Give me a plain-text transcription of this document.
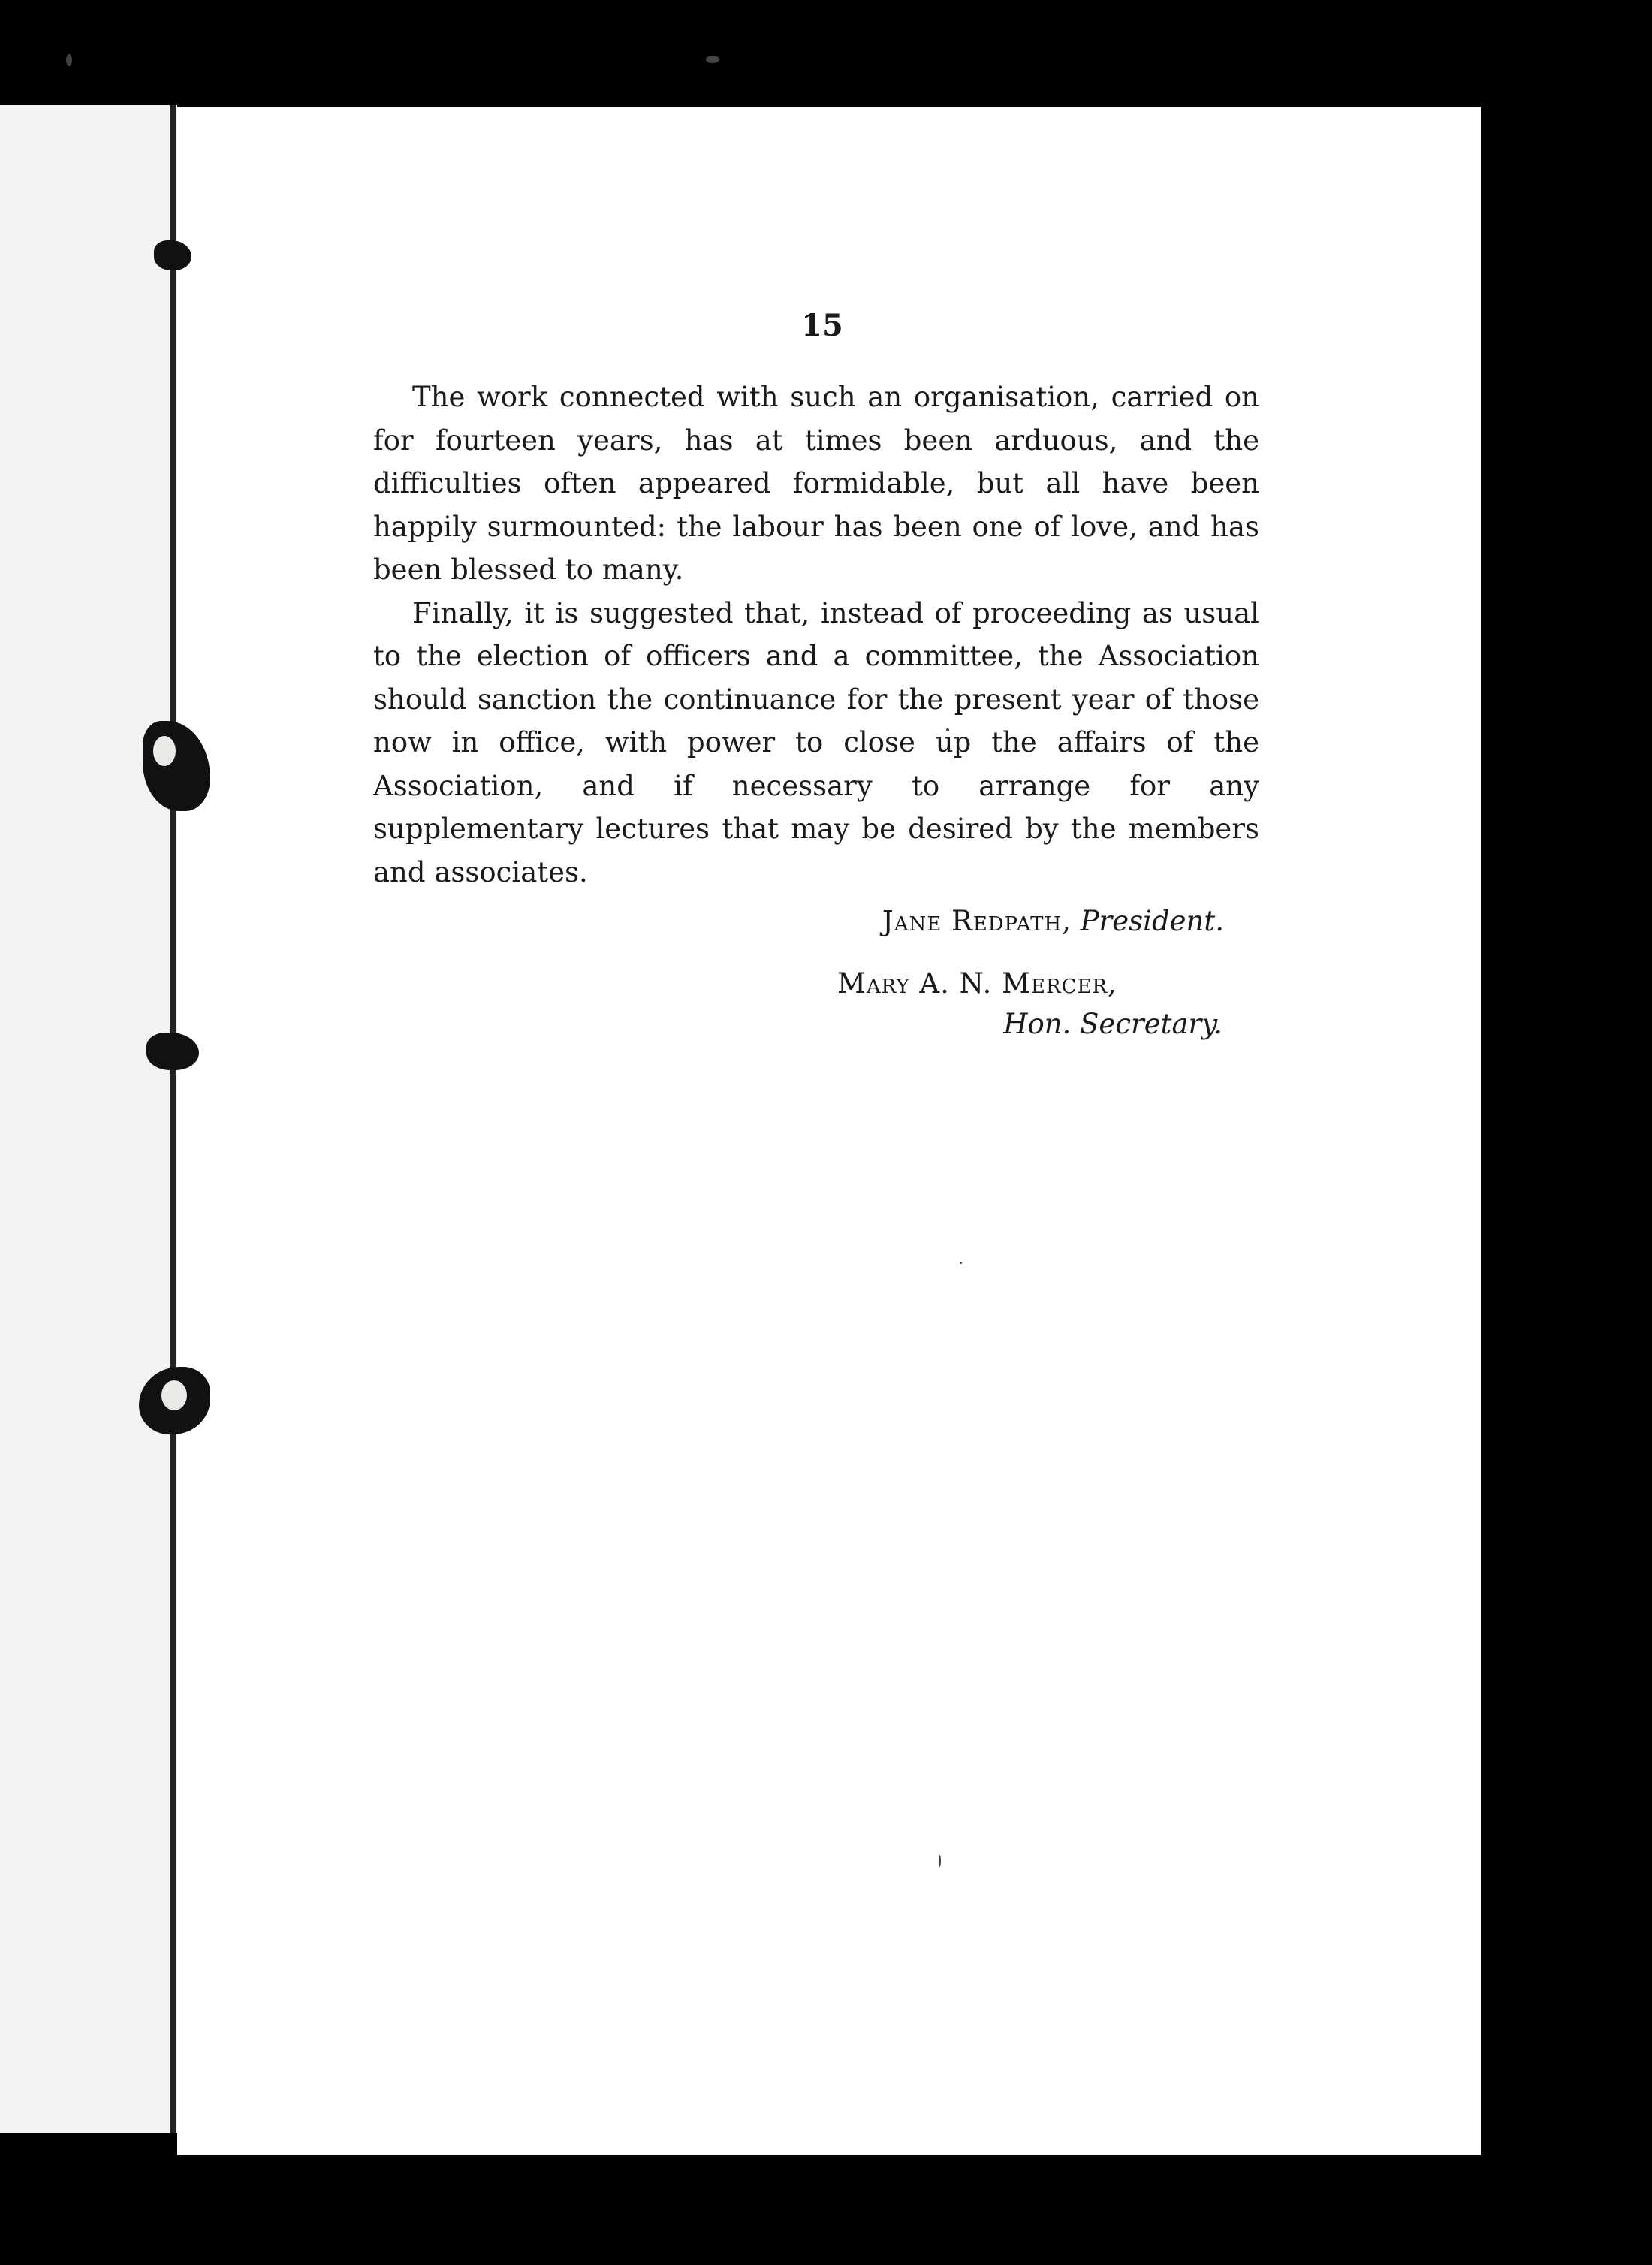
15

The work connected with such an organisation, carried on for fourteen years, has at times been arduous, and the difficulties often appeared formidable, but all have been happily surmounted: the labour has been one of love, and has been blessed to many.

Finally, it is suggested that, instead of proceeding as usual to the election of officers and a committee, the Association should sanction the continuance for the present year of those now in office, with power to close up the affairs of the Association, and if necessary to arrange for any supplementary lectures that may be desired by the members and associates.

Jane Redpath, President.
Mary A. N. Mercer,
Hon. Secretary.
